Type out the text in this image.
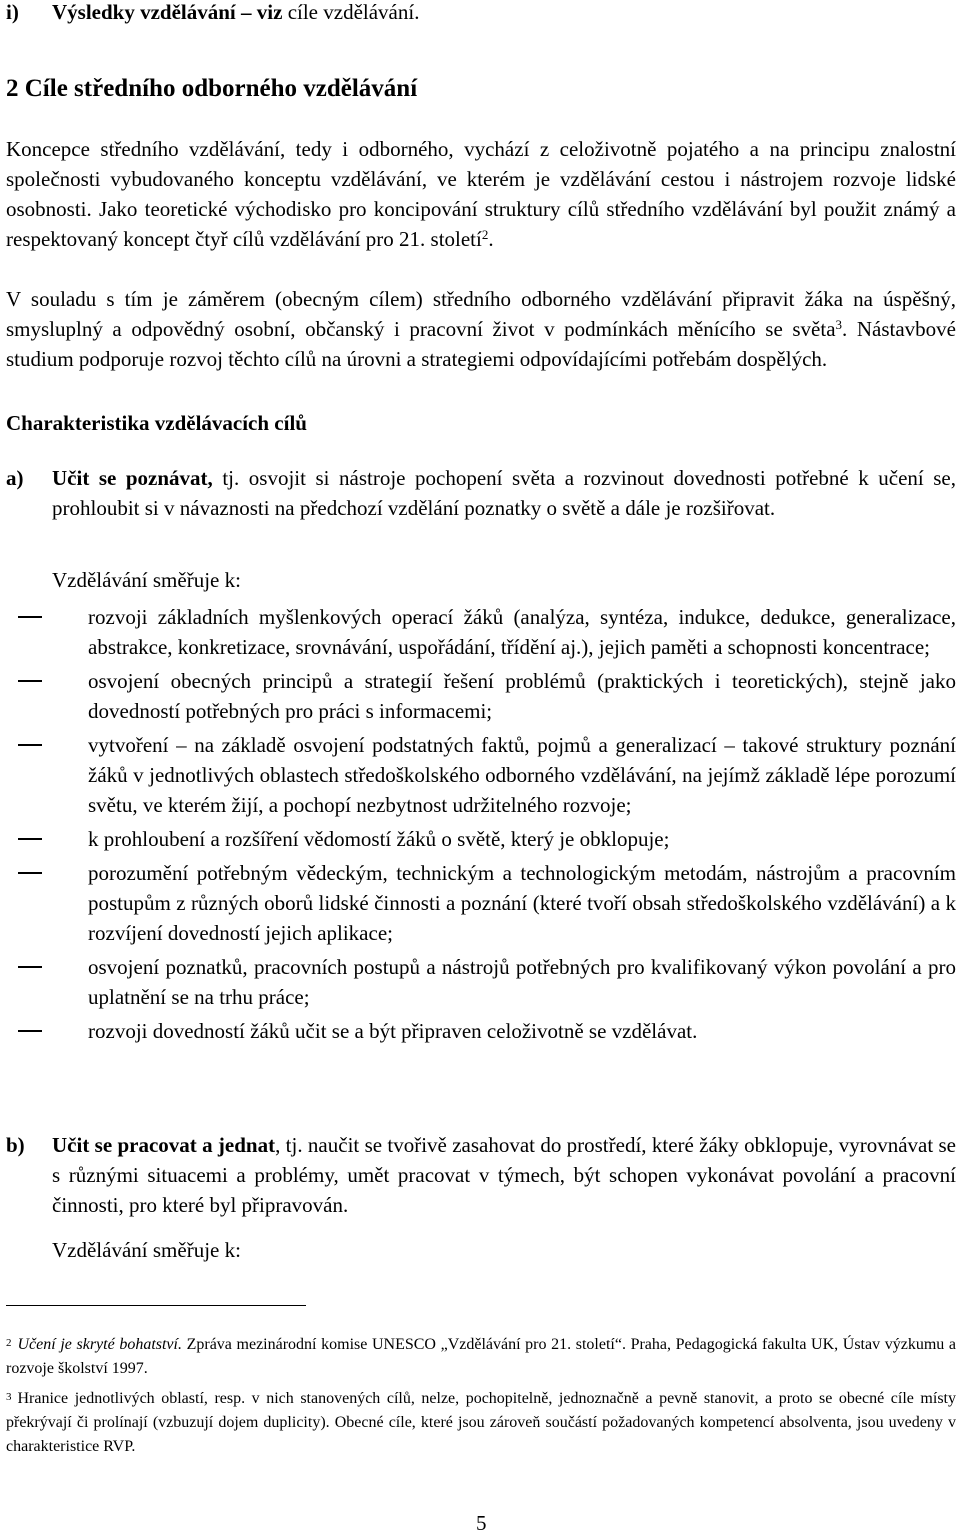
i) Výsledky vzdělávání – viz cíle vzdělávání.
2 Cíle středního odborného vzdělávání
Koncepce středního vzdělávání, tedy i odborného, vychází z celoživotně pojatého a na principu znalostní společnosti vybudovaného konceptu vzdělávání, ve kterém je vzdělávání cestou i nástrojem rozvoje lidské osobnosti. Jako teoretické východisko pro koncipování struktury cílů středního vzdělávání byl použit známý a respektovaný koncept čtyř cílů vzdělávání pro 21. století$^2$.
V souladu s tím je záměrem (obecným cílem) středního odborného vzdělávání připravit žáka na úspěšný, smysluplný a odpovědný osobní, občanský i pracovní život v podmínkách měnícího se světa$^3$. Nástavbové studium podporuje rozvoj těchto cílů na úrovni a strategiemi odpovídajícími potřebám dospělých.
Charakteristika vzdělávacích cílů
a) Učit se poznávat, tj. osvojit si nástroje pochopení světa a rozvinout dovednosti potřebné k učení se, prohloubit si v návaznosti na předchozí vzdělání poznatky o světě a dále je rozšiřovat.
Vzdělávání směřuje k:
rozvoji základních myšlenkových operací žáků (analýza, syntéza, indukce, dedukce, generalizace, abstrakce, konkretizace, srovnávání, uspořádání, třídění aj.), jejich paměti a schopnosti koncentrace;
osvojení obecných principů a strategií řešení problémů (praktických i teoretických), stejně jako dovedností potřebných pro práci s informacemi;
vytvoření – na základě osvojení podstatných faktů, pojmů a generalizací – takové struktury poznání žáků v jednotlivých oblastech středoškolského odborného vzdělávání, na jejímž základě lépe porozumí světu, ve kterém žijí, a pochopí nezbytnost udržitelného rozvoje;
k prohloubení a rozšíření vědomostí žáků o světě, který je obklopuje;
porozumění potřebným vědeckým, technickým a technologickým metodám, nástrojům a pracovním postupům z různých oborů lidské činnosti a poznání (které tvoří obsah středoškolského vzdělávání) a k rozvíjení dovedností jejich aplikace;
osvojení poznatků, pracovních postupů a nástrojů potřebných pro kvalifikovaný výkon povolání a pro uplatnění se na trhu práce;
rozvoji dovedností žáků učit se a být připraven celoživotně se vzdělávat.
b) Učit se pracovat a jednat, tj. naučit se tvořivě zasahovat do prostředí, které žáky obklopuje, vyrovnávat se s různými situacemi a problémy, umět pracovat v týmech, být schopen vykonávat povolání a pracovní činnosti, pro které byl připravován.
Vzdělávání směřuje k:
$^2$ Učení je skryté bohatství. Zpráva mezinárodní komise UNESCO „Vzdělávání pro 21. století“. Praha, Pedagogická fakulta UK, Ústav výzkumu a rozvoje školství 1997.
$^3$ Hranice jednotlivých oblastí, resp. v nich stanovených cílů, nelze, pochopitelně, jednoznačně a pevně stanovit, a proto se obecné cíle místy překrývají či prolínají (vzbuzují dojem duplicity). Obecné cíle, které jsou zároveň součástí požadovaných kompetencí absolventa, jsou uvedeny v charakteristice RVP.
5
